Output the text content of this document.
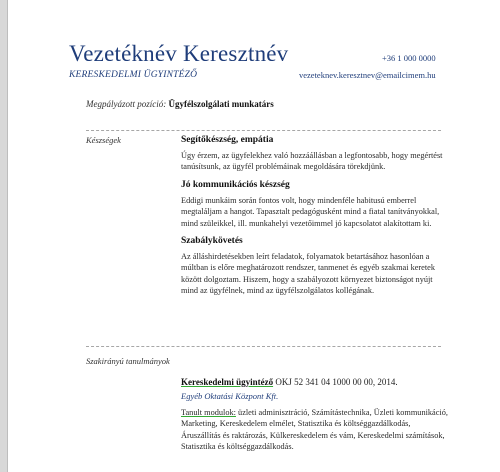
Vezetéknév Keresztnév
KERESKEDELMI ÜGYINTÉZŐ
+36 1 000 0000
vezeteknev.keresztnev@emailcimem.hu
Megpályázott pozíció: Ügyfélszolgálati munkatárs
Készségek	Segítőkészség, empátia

Úgy érzem, az ügyfelekhez való hozzáállásban a legfontosabb, hogy megértést tanúsítsunk, az ügyfél problémáinak megoldására törekdjünk.

Jó kommunikációs készség

Eddigi munkáim során fontos volt, hogy mindenféle habitusú emberrel megtaláljam a hangot. Tapasztalt pedagógusként mind a fiatal tanítványokkal, mind szüleikkel, ill. munkahelyi vezetőimmel jó kapcsolatot alakítottam ki.

Szabálykövetés

Az álláshirdetésekben leírt feladatok, folyamatok betartásához hasonlóan a múltban is előre meghatározott rendszer, tanmenet és egyéb szakmai keretek között dolgoztam. Hiszem, hogy a szabályozott környezet biztonságot nyújt mind az ügyfélnek, mind az ügyfélszolgálatos kollégának.

Szakirányú tanulmányok

Kereskedelmi ügyintéző OKJ 52 341 04 1000 00 00, 2014.

Egyéb Oktatási Központ Kft.

Tanult modulok: üzleti adminisztráció, Számítástechnika, Üzleti kommunikáció, Marketing, Kereskedelem elmélet, Statisztika és költséggazdálkodás, Áruszállítás és raktározás, Külkereskedelem és vám, Kereskedelmi számítások, Statisztika és költséggazdálkodás.
